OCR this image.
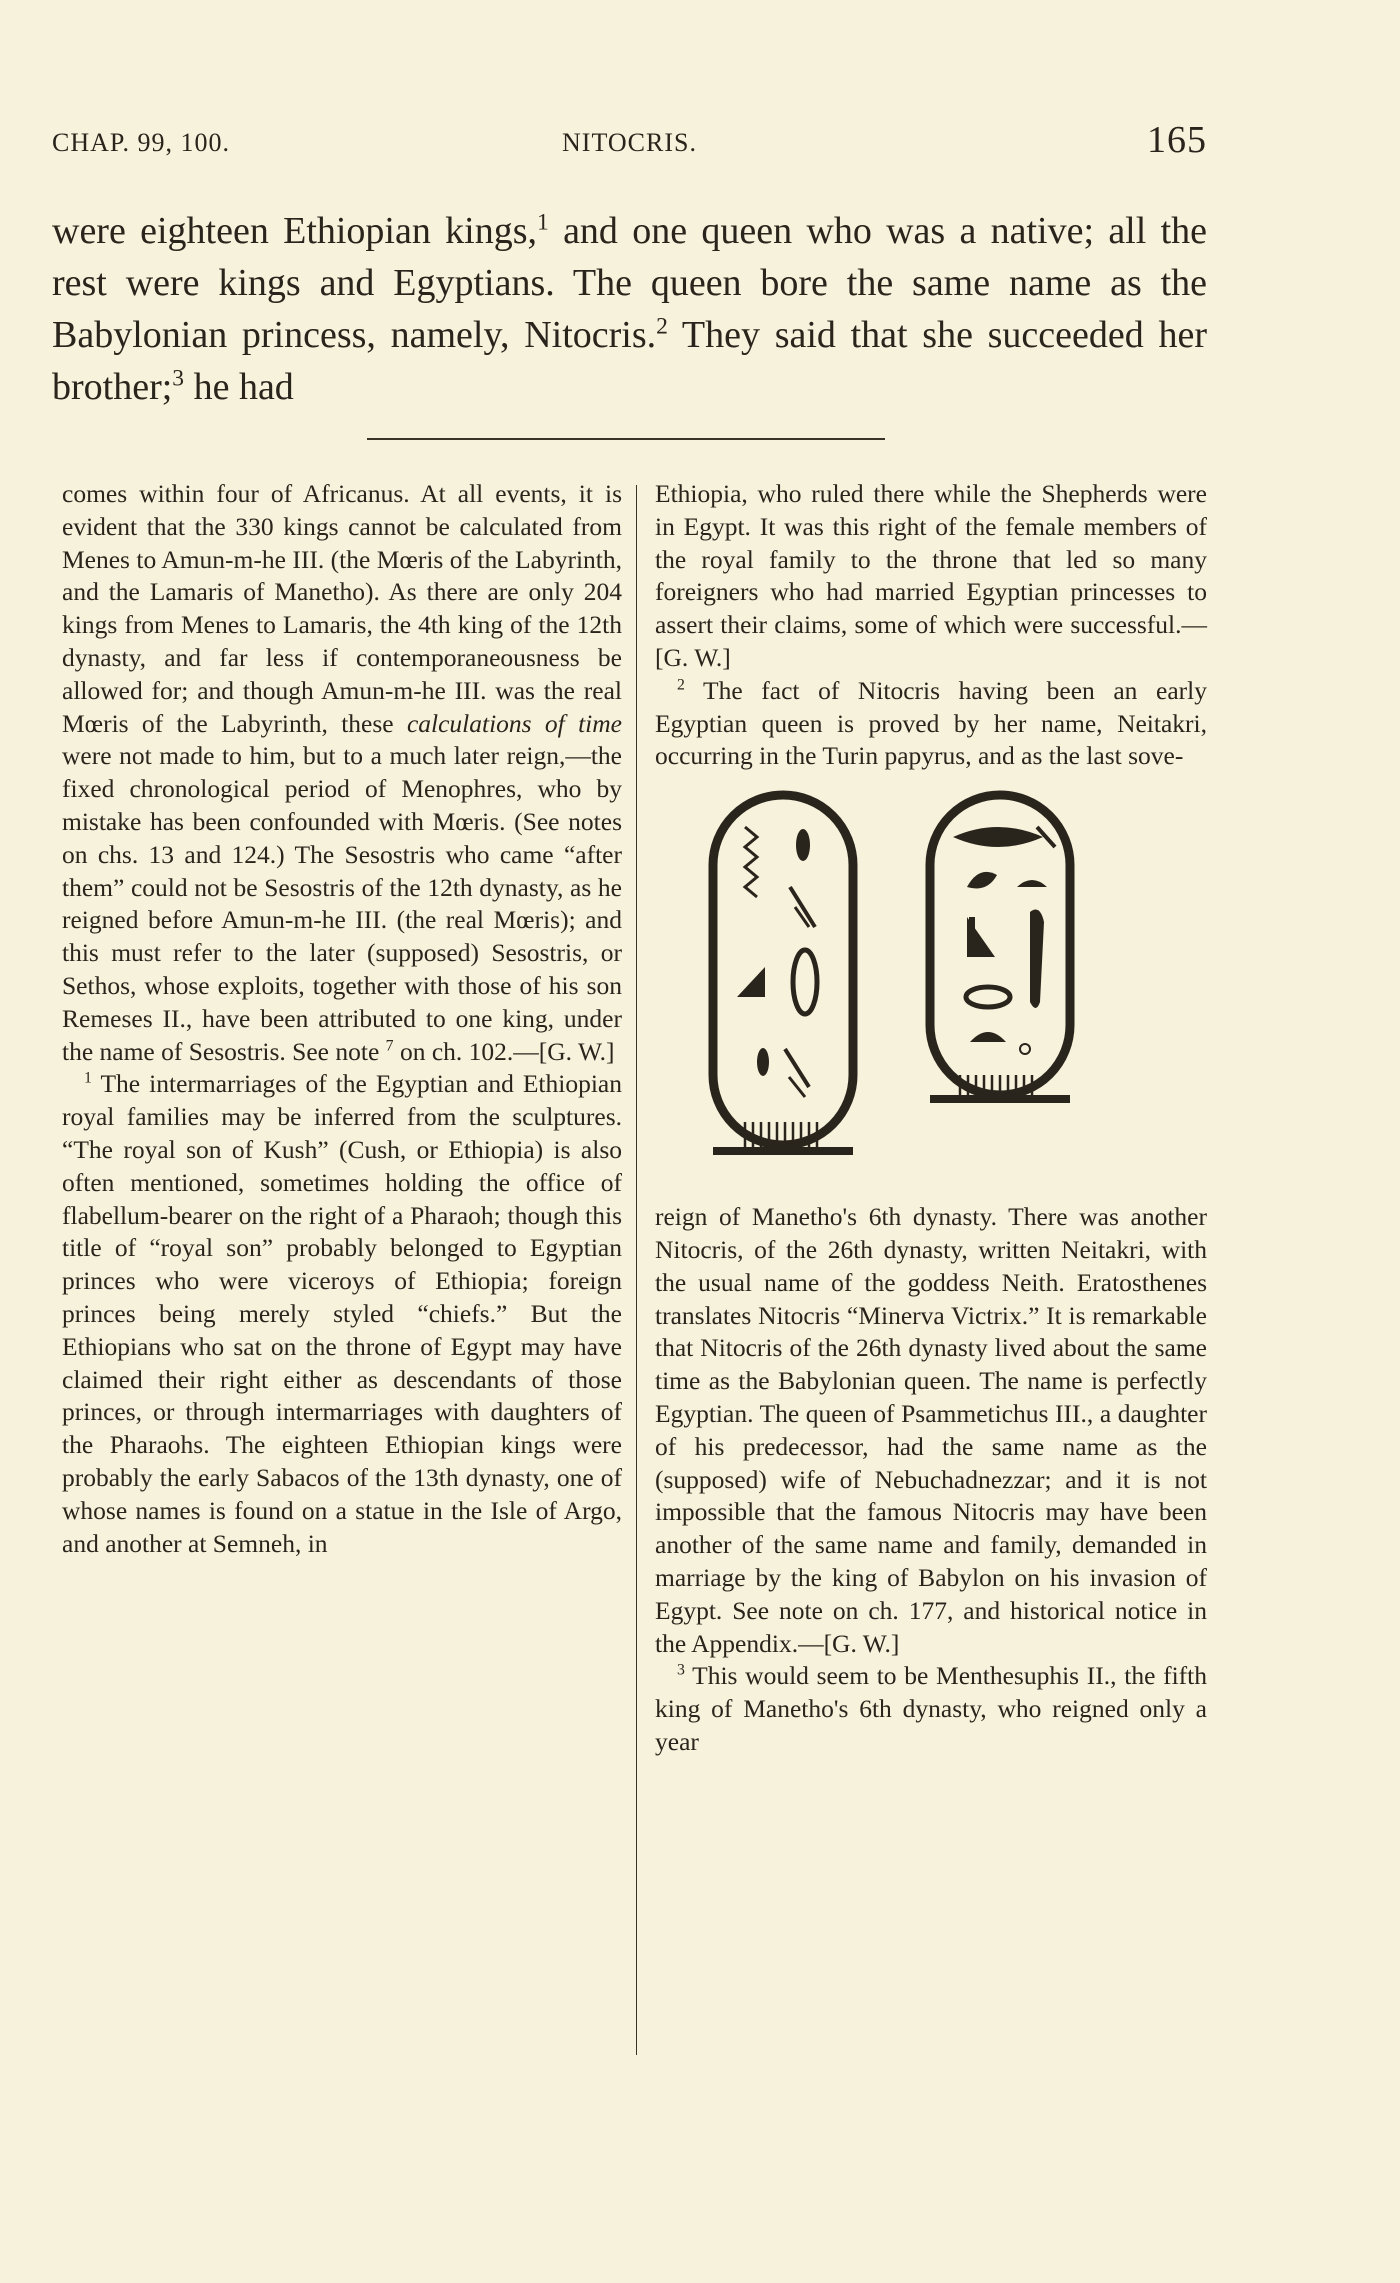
CHAP. 99, 100.	NITOCRIS.	165

were eighteen Ethiopian kings,$^1$ and one queen who was a native; all the rest were kings and Egyptians. The queen bore the same name as the Babylonian princess, namely, Nitocris.$^2$ They said that she succeeded her brother;$^3$ he had

comes within four of Africanus. At all events, it is evident that the 330 kings cannot be calculated from Menes to Amun-m-he III. (the Mœris of the Labyrinth, and the Lamaris of Manetho). As there are only 204 kings from Menes to Lamaris, the 4th king of the 12th dynasty, and far less if contemporaneousness be allowed for; and though Amun-m-he III. was the real Mœris of the Labyrinth, these calculations of time were not made to him, but to a much later reign,—the fixed chronological period of Menophres, who by mistake has been confounded with Mœris. (See notes on chs. 13 and 124.) The Sesostris who came “after them” could not be Sesostris of the 12th dynasty, as he reigned before Amun-m-he III. (the real Mœris); and this must refer to the later (supposed) Sesostris, or Sethos, whose exploits, together with those of his son Remeses II., have been attributed to one king, under the name of Sesostris. See note $^7$ on ch. 102.—[G. W.]

$^1$ The intermarriages of the Egyptian and Ethiopian royal families may be inferred from the sculptures. “The royal son of Kush” (Cush, or Ethiopia) is also often mentioned, sometimes holding the office of flabellum-bearer on the right of a Pharaoh; though this title of “royal son” probably belonged to Egyptian princes who were viceroys of Ethiopia; foreign princes being merely styled “chiefs.” But the Ethiopians who sat on the throne of Egypt may have claimed their right either as descendants of those princes, or through intermarriages with daughters of the Pharaohs. The eighteen Ethiopian kings were probably the early Sabacos of the 13th dynasty, one of whose names is found on a statue in the Isle of Argo, and another at Semneh, in

Ethiopia, who ruled there while the Shepherds were in Egypt. It was this right of the female members of the royal family to the throne that led so many foreigners who had married Egyptian princesses to assert their claims, some of which were successful.—[G. W.]

$^2$ The fact of Nitocris having been an early Egyptian queen is proved by her name, Neitakri, occurring in the Turin papyrus, and as the last sove-

reign of Manetho's 6th dynasty. There was another Nitocris, of the 26th dynasty, written Neitakri, with the usual name of the goddess Neith. Eratosthenes translates Nitocris “Minerva Victrix.” It is remarkable that Nitocris of the 26th dynasty lived about the same time as the Babylonian queen. The name is perfectly Egyptian. The queen of Psammetichus III., a daughter of his predecessor, had the same name as the (supposed) wife of Nebuchadnezzar; and it is not impossible that the famous Nitocris may have been another of the same name and family, demanded in marriage by the king of Babylon on his invasion of Egypt. See note on ch. 177, and historical notice in the Appendix.—[G. W.]

$^3$ This would seem to be Menthesuphis II., the fifth king of Manetho's 6th dynasty, who reigned only a year
